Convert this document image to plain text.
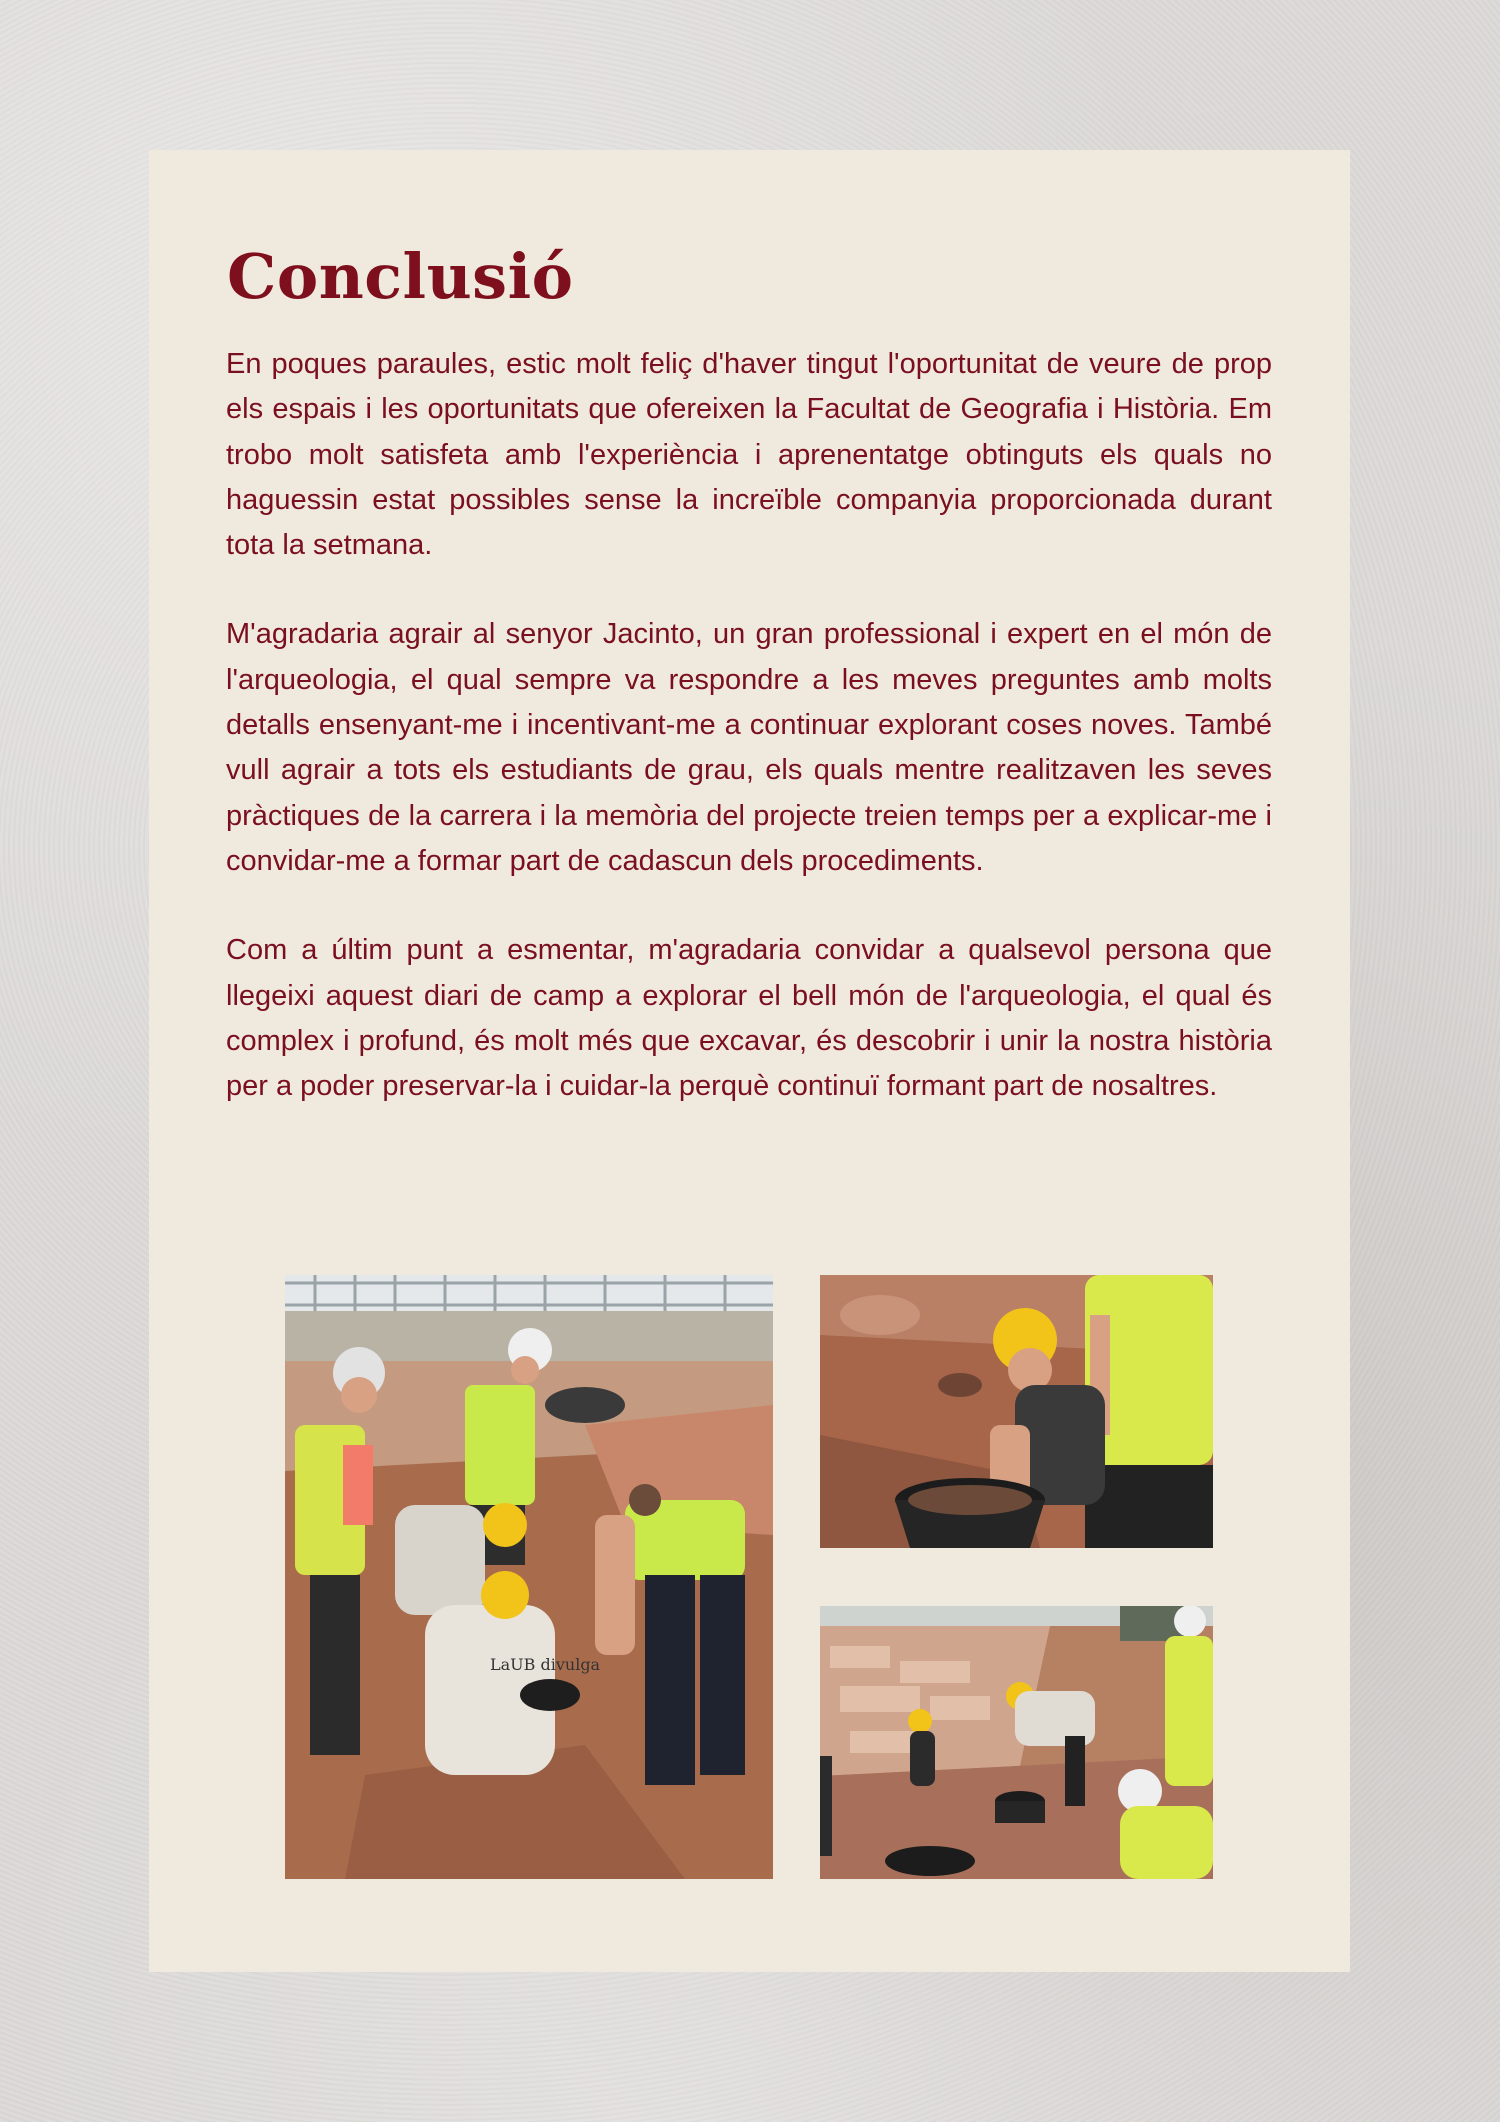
Conclusió

En poques paraules, estic molt feliç d'haver tingut l'oportunitat de veure de prop els espais i les oportunitats que ofereixen la Facultat de Geografia i Història. Em trobo molt satisfeta amb l'experiència i aprenentatge obtinguts els quals no haguessin estat possibles sense la increïble companyia proporcionada durant tota la setmana.

M'agradaria agrair al senyor Jacinto, un gran professional i expert en el món de l'arqueologia, el qual sempre va respondre a les meves preguntes amb molts detalls ensenyant-me i incentivant-me a continuar explorant coses noves. També vull agrair a tots els estudiants de grau, els quals mentre realitzaven les seves pràctiques de la carrera i la memòria del projecte treien temps per a explicar-me i convidar-me a formar part de cadascun dels procediments.

Com a últim punt a esmentar, m'agradaria convidar a qualsevol persona que llegeixi aquest diari de camp a explorar el bell món de l'arqueologia, el qual és complex i profund, és molt més que excavar, és descobrir i unir la nostra història per a poder preservar-la i cuidar-la perquè continuï formant part de nosaltres.

LaUB divulga
